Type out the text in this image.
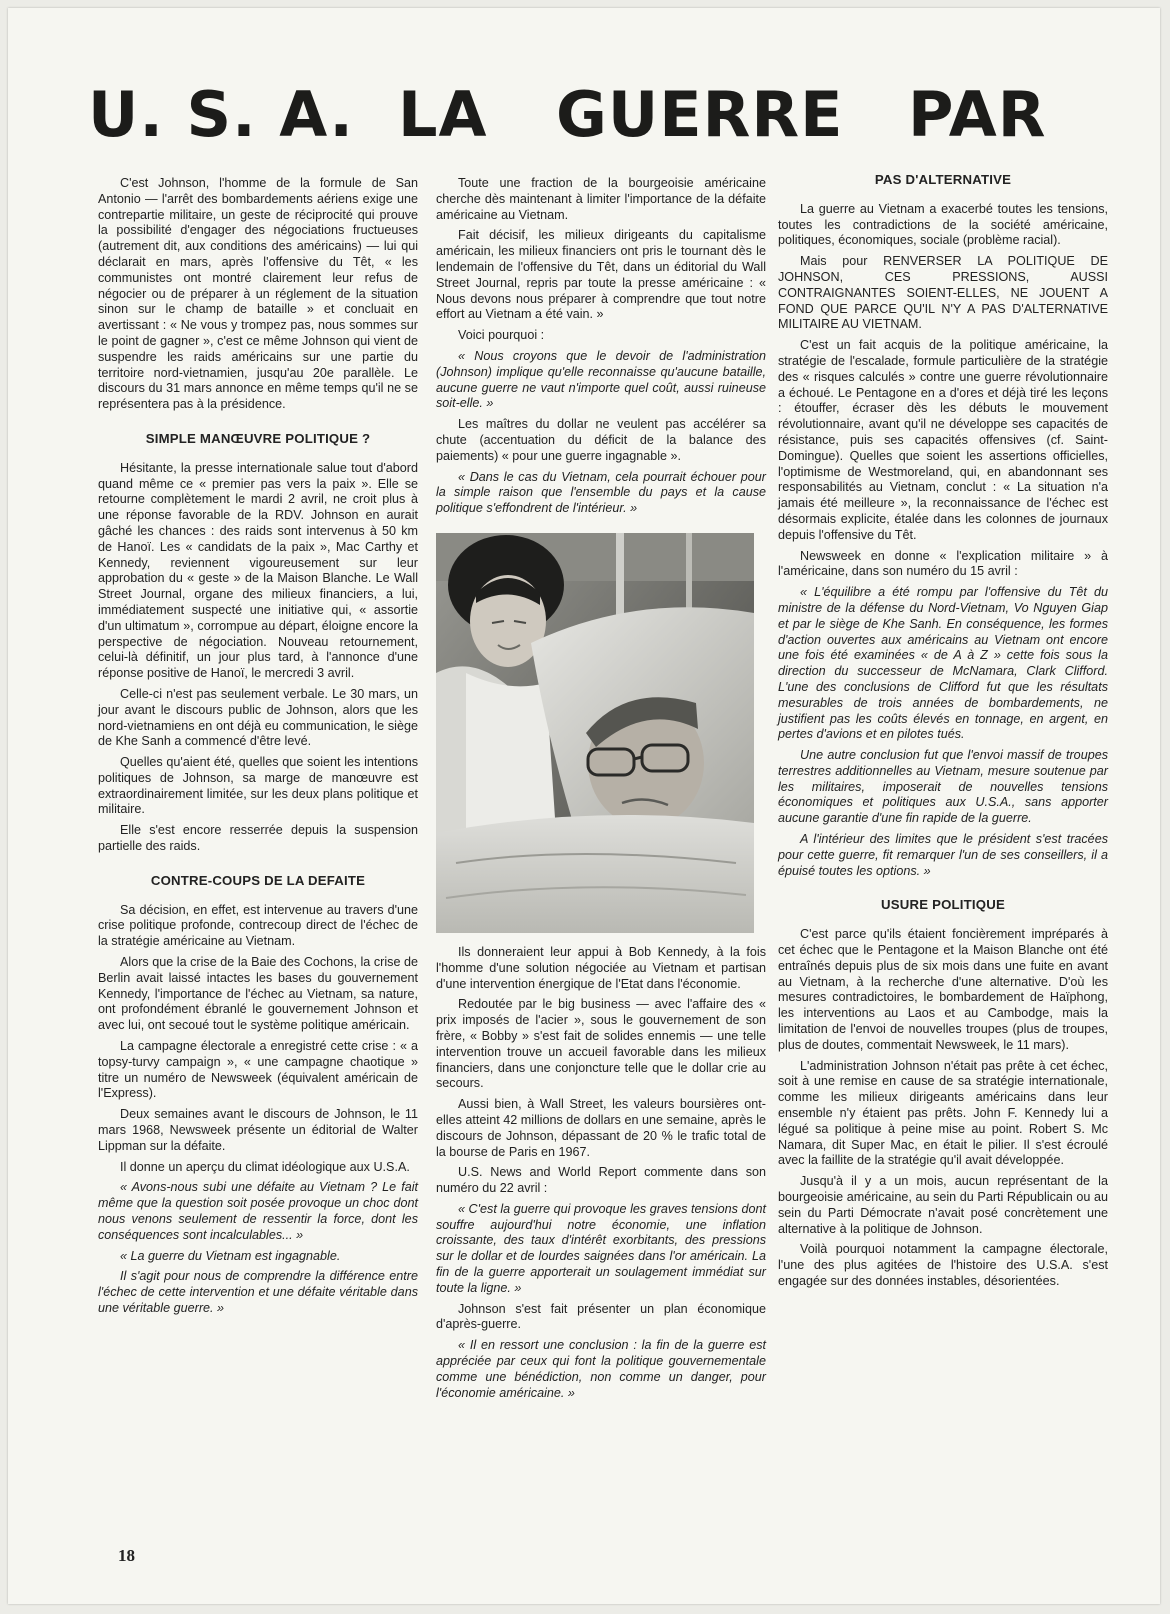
U. S. A. LA GUERRE PAR

C'est Johnson, l'homme de la formule de San Antonio — l'arrêt des bombardements aériens exige une contrepartie militaire, un geste de réciprocité qui prouve la possibilité d'engager des négociations fructueuses (autrement dit, aux conditions des américains) — lui qui déclarait en mars, après l'offensive du Têt, « les communistes ont montré clairement leur refus de négocier ou de préparer à un réglement de la situation sinon sur le champ de bataille » et concluait en avertissant : « Ne vous y trompez pas, nous sommes sur le point de gagner », c'est ce même Johnson qui vient de suspendre les raids américains sur une partie du territoire nord-vietnamien, jusqu'au 20e parallèle. Le discours du 31 mars annonce en même temps qu'il ne se représentera pas à la présidence.

SIMPLE MANŒUVRE POLITIQUE ?

Hésitante, la presse internationale salue tout d'abord quand même ce « premier pas vers la paix ». Elle se retourne complètement le mardi 2 avril, ne croit plus à une réponse favorable de la RDV. Johnson en aurait gâché les chances : des raids sont intervenus à 50 km de Hanoï. Les « candidats de la paix », Mac Carthy et Kennedy, reviennent vigoureusement sur leur approbation du « geste » de la Maison Blanche. Le Wall Street Journal, organe des milieux financiers, a lui, immédiatement suspecté une initiative qui, « assortie d'un ultimatum », corrompue au départ, éloigne encore la perspective de négociation. Nouveau retournement, celui-là définitif, un jour plus tard, à l'annonce d'une réponse positive de Hanoï, le mercredi 3 avril.

Celle-ci n'est pas seulement verbale. Le 30 mars, un jour avant le discours public de Johnson, alors que les nord-vietnamiens en ont déjà eu communication, le siège de Khe Sanh a commencé d'être levé.

Quelles qu'aient été, quelles que soient les intentions politiques de Johnson, sa marge de manœuvre est extraordinairement limitée, sur les deux plans politique et militaire.

Elle s'est encore resserrée depuis la suspension partielle des raids.

CONTRE-COUPS DE LA DEFAITE

Sa décision, en effet, est intervenue au travers d'une crise politique profonde, contrecoup direct de l'échec de la stratégie américaine au Vietnam.

Alors que la crise de la Baie des Cochons, la crise de Berlin avait laissé intactes les bases du gouvernement Kennedy, l'importance de l'échec au Vietnam, sa nature, ont profondément ébranlé le gouvernement Johnson et avec lui, ont secoué tout le système politique américain.

La campagne électorale a enregistré cette crise : « a topsy-turvy campaign », « une campagne chaotique » titre un numéro de Newsweek (équivalent américain de l'Express).

Deux semaines avant le discours de Johnson, le 11 mars 1968, Newsweek présente un éditorial de Walter Lippman sur la défaite.

Il donne un aperçu du climat idéologique aux U.S.A.

« Avons-nous subi une défaite au Vietnam ? Le fait même que la question soit posée provoque un choc dont nous venons seulement de ressentir la force, dont les conséquences sont incalculables... »

« La guerre du Vietnam est ingagnable.

Il s'agit pour nous de comprendre la différence entre l'échec de cette intervention et une défaite véritable dans une véritable guerre. »

Toute une fraction de la bourgeoisie américaine cherche dès maintenant à limiter l'importance de la défaite américaine au Vietnam.

Fait décisif, les milieux dirigeants du capitalisme américain, les milieux financiers ont pris le tournant dès le lendemain de l'offensive du Têt, dans un éditorial du Wall Street Journal, repris par toute la presse américaine : « Nous devons nous préparer à comprendre que tout notre effort au Vietnam a été vain. »

Voici pourquoi :

« Nous croyons que le devoir de l'administration (Johnson) implique qu'elle reconnaisse qu'aucune bataille, aucune guerre ne vaut n'importe quel coût, aussi ruineuse soit-elle. »

Les maîtres du dollar ne veulent pas accélérer sa chute (accentuation du déficit de la balance des paiements) « pour une guerre ingagnable ».

« Dans le cas du Vietnam, cela pourrait échouer pour la simple raison que l'ensemble du pays et la cause politique s'effondrent de l'intérieur. »

Ils donneraient leur appui à Bob Kennedy, à la fois l'homme d'une solution négociée au Vietnam et partisan d'une intervention énergique de l'Etat dans l'économie.

Redoutée par le big business — avec l'affaire des « prix imposés de l'acier », sous le gouvernement de son frère, « Bobby » s'est fait de solides ennemis — une telle intervention trouve un accueil favorable dans les milieux financiers, dans une conjoncture telle que le dollar crie au secours.

Aussi bien, à Wall Street, les valeurs boursières ont-elles atteint 42 millions de dollars en une semaine, après le discours de Johnson, dépassant de 20 % le trafic total de la bourse de Paris en 1967.

U.S. News and World Report commente dans son numéro du 22 avril :

« C'est la guerre qui provoque les graves tensions dont souffre aujourd'hui notre économie, une inflation croissante, des taux d'intérêt exorbitants, des pressions sur le dollar et de lourdes saignées dans l'or américain. La fin de la guerre apporterait un soulagement immédiat sur toute la ligne. »

Johnson s'est fait présenter un plan économique d'après-guerre.

« Il en ressort une conclusion : la fin de la guerre est appréciée par ceux qui font la politique gouvernementale comme une bénédiction, non comme un danger, pour l'économie américaine. »

PAS D'ALTERNATIVE

La guerre au Vietnam a exacerbé toutes les tensions, toutes les contradictions de la société américaine, politiques, économiques, sociale (problème racial).

Mais pour RENVERSER LA POLITIQUE DE JOHNSON, CES PRESSIONS, AUSSI CONTRAIGNANTES SOIENT-ELLES, NE JOUENT A FOND QUE PARCE QU'IL N'Y A PAS D'ALTERNATIVE MILITAIRE AU VIETNAM.

C'est un fait acquis de la politique américaine, la stratégie de l'escalade, formule particulière de la stratégie des « risques calculés » contre une guerre révolutionnaire a échoué. Le Pentagone en a d'ores et déjà tiré les leçons : étouffer, écraser dès les débuts le mouvement révolutionnaire, avant qu'il ne développe ses capacités de résistance, puis ses capacités offensives (cf. Saint-Domingue). Quelles que soient les assertions officielles, l'optimisme de Westmoreland, qui, en abandonnant ses responsabilités au Vietnam, conclut : « La situation n'a jamais été meilleure », la reconnaissance de l'échec est désormais explicite, étalée dans les colonnes de journaux depuis l'offensive du Têt.

Newsweek en donne « l'explication militaire » à l'américaine, dans son numéro du 15 avril :

« L'équilibre a été rompu par l'offensive du Têt du ministre de la défense du Nord-Vietnam, Vo Nguyen Giap et par le siège de Khe Sanh. En conséquence, les formes d'action ouvertes aux américains au Vietnam ont encore une fois été examinées « de A à Z » cette fois sous la direction du successeur de McNamara, Clark Clifford. L'une des conclusions de Clifford fut que les résultats mesurables de trois années de bombardements, ne justifient pas les coûts élevés en tonnage, en argent, en pertes d'avions et en pilotes tués.

Une autre conclusion fut que l'envoi massif de troupes terrestres additionnelles au Vietnam, mesure soutenue par les militaires, imposerait de nouvelles tensions économiques et politiques aux U.S.A., sans apporter aucune garantie d'une fin rapide de la guerre.

A l'intérieur des limites que le président s'est tracées pour cette guerre, fit remarquer l'un de ses conseillers, il a épuisé toutes les options. »

USURE POLITIQUE

C'est parce qu'ils étaient foncièrement impréparés à cet échec que le Pentagone et la Maison Blanche ont été entraînés depuis plus de six mois dans une fuite en avant au Vietnam, à la recherche d'une alternative. D'où les mesures contradictoires, le bombardement de Haïphong, les interventions au Laos et au Cambodge, mais la limitation de l'envoi de nouvelles troupes (plus de troupes, plus de doutes, commentait Newsweek, le 11 mars).

L'administration Johnson n'était pas prête à cet échec, soit à une remise en cause de sa stratégie internationale, comme les milieux dirigeants américains dans leur ensemble n'y étaient pas prêts. John F. Kennedy lui a légué sa politique à peine mise au point. Robert S. Mc Namara, dit Super Mac, en était le pilier. Il s'est écroulé avec la faillite de la stratégie qu'il avait développée.

Jusqu'à il y a un mois, aucun représentant de la bourgeoisie américaine, au sein du Parti Républicain ou au sein du Parti Démocrate n'avait posé concrètement une alternative à la politique de Johnson.

Voilà pourquoi notamment la campagne électorale, l'une des plus agitées de l'histoire des U.S.A. s'est engagée sur des données instables, désorientées.

18
